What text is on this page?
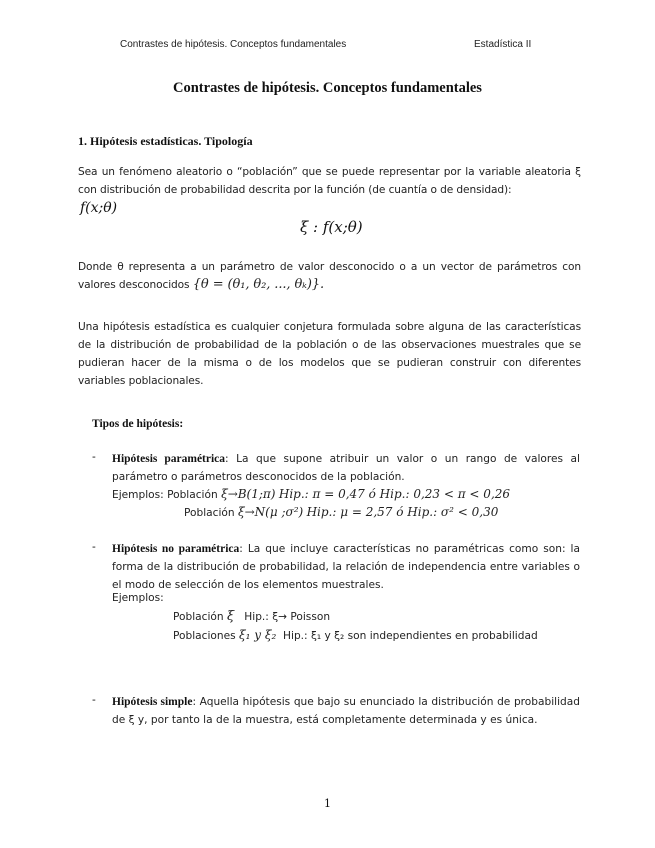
Contrastes de hipótesis. Conceptos fundamentales	Estadística II
Contrastes de hipótesis. Conceptos fundamentales
1. Hipótesis estadísticas. Tipología
Sea un fenómeno aleatorio o “población” que se puede representar por la variable aleatoria ξ con distribución de probabilidad descrita por la función (de cuantía o de densidad):
f(x;θ)
ξ : f(x;θ)
Donde θ representa a un parámetro de valor desconocido o a un vector de parámetros con valores desconocidos {θ = (θ₁, θ₂, ..., θₖ)}.
Una hipótesis estadística es cualquier conjetura formulada sobre alguna de las características de la distribución de probabilidad de la población o de las observaciones muestrales que se pudieran hacer de la misma o de los modelos que se pudieran construir con diferentes variables poblacionales.
Tipos de hipótesis:
- Hipótesis paramétrica: La que supone atribuir un valor o un rango de valores al parámetro o parámetros desconocidos de la población.
Ejemplos: Población ξ→B(1;π) Hip.: π = 0,47 ó Hip.: 0,23 < π < 0,26
Población ξ→N(μ ;σ²) Hip.: μ = 2,57 ó Hip.: σ² < 0,30
- Hipótesis no paramétrica: La que incluye características no paramétricas como son: la forma de la distribución de probabilidad, la relación de independencia entre variables o el modo de selección de los elementos muestrales.
Ejemplos:
Población ξ Hip.: ξ→ Poisson
Poblaciones ξ₁ y ξ₂ Hip.: ξ₁ y ξ₂ son independientes en probabilidad
- Hipótesis simple: Aquella hipótesis que bajo su enunciado la distribución de probabilidad de ξ y, por tanto la de la muestra, está completamente determinada y es única.
1
